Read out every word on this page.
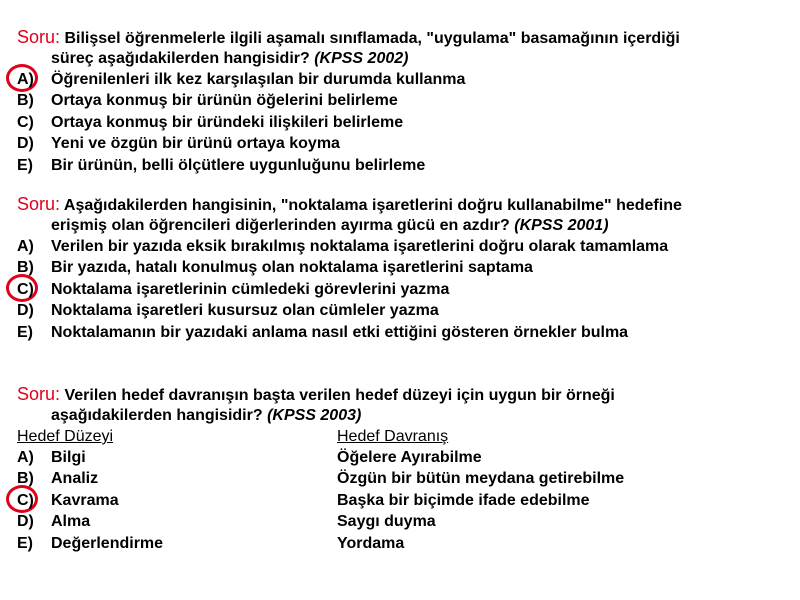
Soru: Bilişsel öğrenmelerle ilgili aşamalı sınıflamada, "uygulama" basamağının içerdiği
süreç aşağıdakilerden hangisidir? (KPSS 2002)
A) Öğrenilenleri ilk kez karşılaşılan bir durumda kullanma
B) Ortaya konmuş bir ürünün öğelerini belirleme
C) Ortaya konmuş bir üründeki ilişkileri belirleme
D) Yeni ve özgün bir ürünü ortaya koyma
E) Bir ürünün, belli ölçütlere uygunluğunu belirleme
Soru: Aşağıdakilerden hangisinin, "noktalama işaretlerini doğru kullanabilme" hedefine
erişmiş olan öğrencileri diğerlerinden ayırma gücü en azdır? (KPSS 2001)
A) Verilen bir yazıda eksik bırakılmış noktalama işaretlerini doğru olarak tamamlama
B) Bir yazıda, hatalı konulmuş olan noktalama işaretlerini saptama
C) Noktalama işaretlerinin cümledeki görevlerini yazma
D) Noktalama işaretleri kusursuz olan cümleler yazma
E) Noktalamanın bir yazıdaki anlama nasıl etki ettiğini gösteren örnekler bulma
Soru: Verilen hedef davranışın başta verilen hedef düzeyi için uygun bir örneği
aşağıdakilerden hangisidir? (KPSS 2003)
Hedef Düzeyi	Hedef Davranış
A) Bilgi	Öğelere Ayırabilme
B) Analiz	Özgün bir bütün meydana getirebilme
C) Kavrama	Başka bir biçimde ifade edebilme
D) Alma	Saygı duyma
E) Değerlendirme	Yordama
